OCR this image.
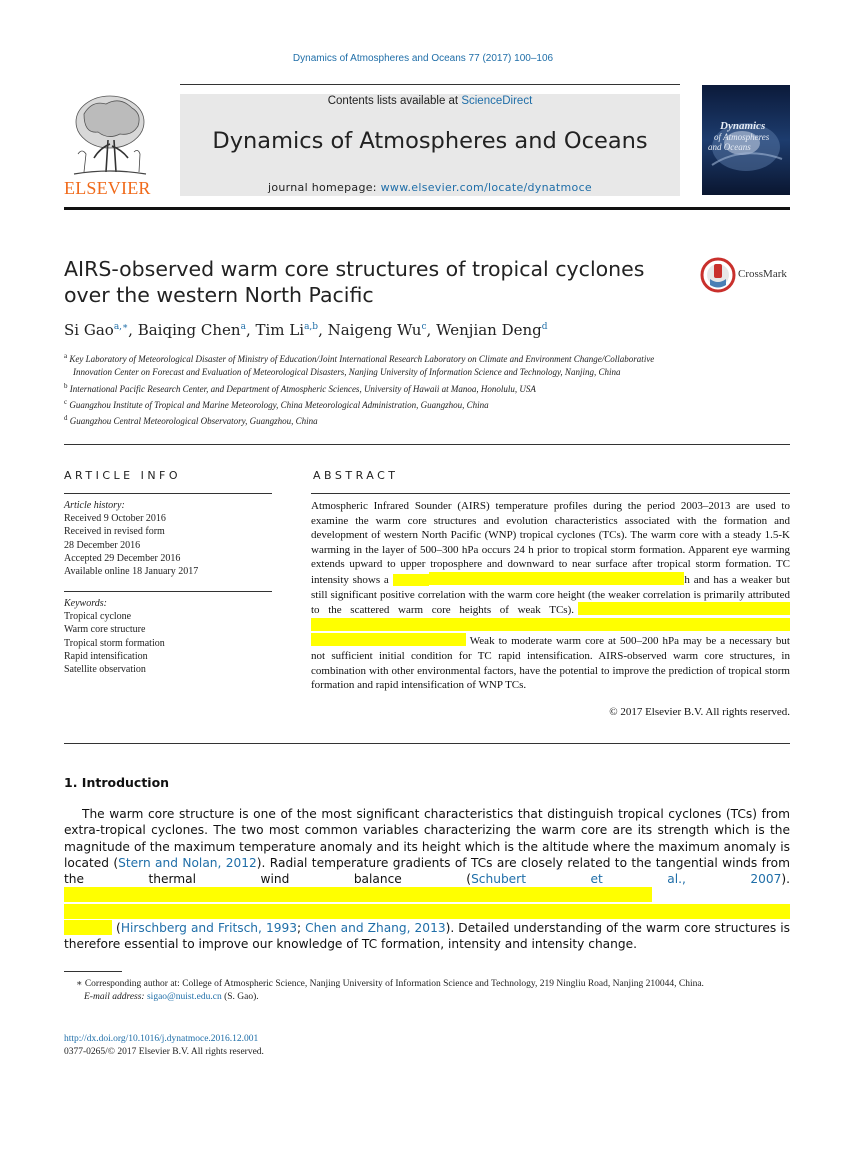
Dynamics of Atmospheres and Oceans 77 (2017) 100–106
ELSEVIER
Contents lists available at ScienceDirect
Dynamics of Atmospheres and Oceans
journal homepage: www.elsevier.com/locate/dynatmoce
Dynamics
of Atmospheres
and Oceans
AIRS-observed warm core structures of tropical cyclones over the western North Pacific
CrossMark
Si Gao$^{a,∗}$, Baiqing Chen$^a$, Tim Li$^{a,b}$, Naigeng Wu$^c$, Wenjian Deng$^d$
$^a$ Key Laboratory of Meteorological Disaster of Ministry of Education/Joint International Research Laboratory on Climate and Environment Change/Collaborative Innovation Center on Forecast and Evaluation of Meteorological Disasters, Nanjing University of Information Science and Technology, Nanjing, China
$^b$ International Pacific Research Center, and Department of Atmospheric Sciences, University of Hawaii at Manoa, Honolulu, USA
$^c$ Guangzhou Institute of Tropical and Marine Meteorology, China Meteorological Administration, Guangzhou, China
$^d$ Guangzhou Central Meteorological Observatory, Guangzhou, China
ARTICLE INFO	ABSTRACT
Article history:
Received 9 October 2016
Received in revised form
28 December 2016
Accepted 29 December 2016
Available online 18 January 2017
Keywords:
Tropical cyclone
Warm core structure
Tropical storm formation
Rapid intensification
Satellite observation
Atmospheric Infrared Sounder (AIRS) temperature profiles during the period 2003–2013 are used to examine the warm core structures and evolution characteristics associated with the formation and development of western North Pacific (WNP) tropical cyclones (TCs). The warm core with a steady 1.5-K warming in the layer of 500–300 hPa occurs 24 h prior to tropical storm formation. Apparent eye warming extends upward to upper troposphere and downward to near surface after tropical storm formation. TC intensity shows a                                     	h and has a weaker but still significant positive correlation with the warm core height (the weaker correlation is primarily attributed to the scattered warm core heights of weak TCs). Weak to moderate warm core at 500–200 hPa may be a necessary but not sufficient initial condition for TC rapid intensification. AIRS-observed warm core structures, in combination with other environmental factors, have the potential to improve the prediction of tropical storm formation and rapid intensification of WNP TCs.
© 2017 Elsevier B.V. All rights reserved.
1. Introduction
The warm core structure is one of the most significant characteristics that distinguish tropical cyclones (TCs) from extra-tropical cyclones. The two most common variables characterizing the warm core are its strength which is the magnitude of the maximum temperature anomaly and its height which is the altitude where the maximum anomaly is located (Stern and Nolan, 2012). Radial temperature gradients of TCs are closely related to the tangential winds from the thermal wind balance (Schubert et al., 2007). (Hirschberg and Fritsch, 1993; Chen and Zhang, 2013). Detailed understanding of the warm core structures is therefore essential to improve our knowledge of TC formation, intensity and intensity change.
∗ Corresponding author at: College of Atmospheric Science, Nanjing University of Information Science and Technology, 219 Ningliu Road, Nanjing 210044, China.
E-mail address: sigao@nuist.edu.cn (S. Gao).
http://dx.doi.org/10.1016/j.dynatmoce.2016.12.001
0377-0265/© 2017 Elsevier B.V. All rights reserved.
